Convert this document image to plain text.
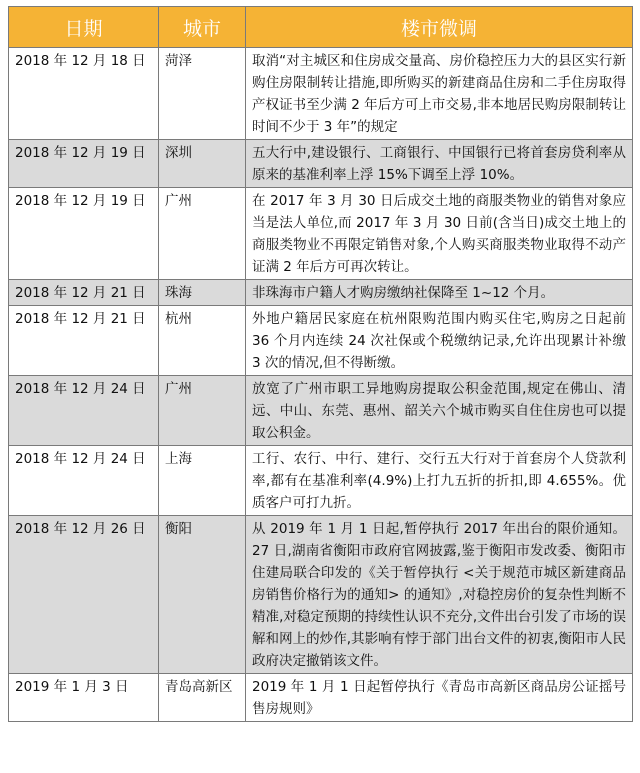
日期	城市	楼市微调
2018 年 12 月 18 日	菏泽	取消“对主城区和住房成交量高、房价稳控压力大的县区实行新购住房限制转让措施,即所购买的新建商品住房和二手住房取得产权证书至少满 2 年后方可上市交易,非本地居民购房限制转让时间不少于 3 年”的规定
2018 年 12 月 19 日	深圳	五大行中,建设银行、工商银行、中国银行已将首套房贷利率从原来的基准利率上浮 15%下调至上浮 10%。
2018 年 12 月 19 日	广州	在 2017 年 3 月 30 日后成交土地的商服类物业的销售对象应当是法人单位,而 2017 年 3 月 30 日前(含当日)成交土地上的商服类物业不再限定销售对象,个人购买商服类物业取得不动产证满 2 年后方可再次转让。
2018 年 12 月 21 日	珠海	非珠海市户籍人才购房缴纳社保降至 1~12 个月。
2018 年 12 月 21 日	杭州	外地户籍居民家庭在杭州限购范围内购买住宅,购房之日起前 36 个月内连续 24 次社保或个税缴纳记录,允许出现累计补缴 3 次的情况,但不得断缴。
2018 年 12 月 24 日	广州	放宽了广州市职工异地购房提取公积金范围,规定在佛山、清远、中山、东莞、惠州、韶关六个城市购买自住住房也可以提取公积金。
2018 年 12 月 24 日	上海	工行、农行、中行、建行、交行五大行对于首套房个人贷款利率,都有在基准利率(4.9%)上打九五折的折扣,即 4.655%。优质客户可打九折。
2018 年 12 月 26 日	衡阳	从 2019 年 1 月 1 日起,暂停执行 2017 年出台的限价通知。27 日,湖南省衡阳市政府官网披露,鉴于衡阳市发改委、衡阳市住建局联合印发的《关于暂停执行 <关于规范市城区新建商品房销售价格行为的通知> 的通知》,对稳控房价的复杂性判断不精准,对稳定预期的持续性认识不充分,文件出台引发了市场的误解和网上的炒作,其影响有悖于部门出台文件的初衷,衡阳市人民政府决定撤销该文件。
2019 年 1 月 3 日	青岛高新区	2019 年 1 月 1 日起暂停执行《青岛市高新区商品房公证摇号售房规则》
